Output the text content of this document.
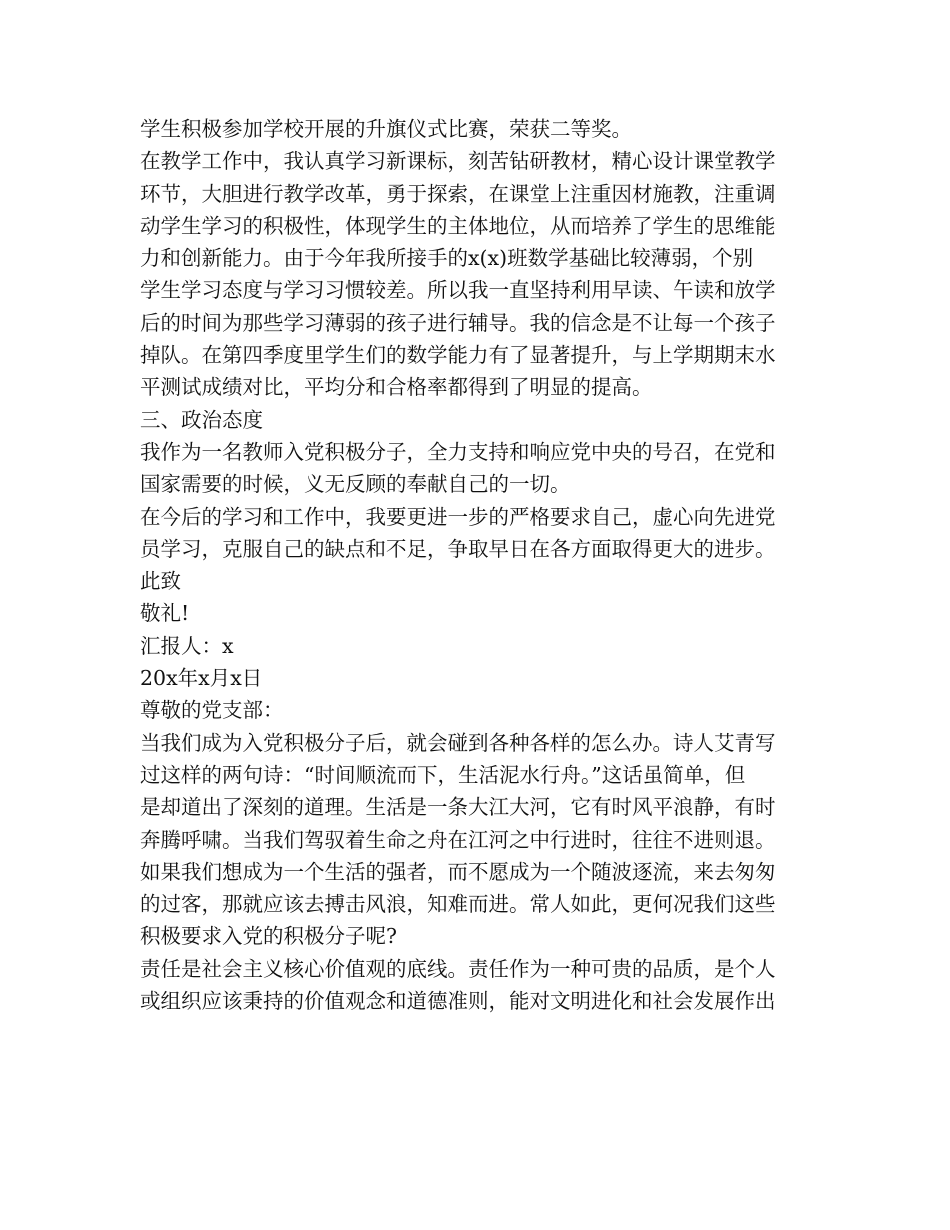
学生积极参加学校开展的升旗仪式比赛，荣获二等奖。
在教学工作中，我认真学习新课标，刻苦钻研教材，精心设计课堂教学
环节，大胆进行教学改革，勇于探索，在课堂上注重因材施教，注重调
动学生学习的积极性，体现学生的主体地位，从而培养了学生的思维能
力和创新能力。由于今年我所接手的x(x)班数学基础比较薄弱，个别
学生学习态度与学习习惯较差。所以我一直坚持利用早读、午读和放学
后的时间为那些学习薄弱的孩子进行辅导。我的信念是不让每一个孩子
掉队。在第四季度里学生们的数学能力有了显著提升，与上学期期末水
平测试成绩对比，平均分和合格率都得到了明显的提高。
三、政治态度
我作为一名教师入党积极分子，全力支持和响应党中央的号召，在党和
国家需要的时候，义无反顾的奉献自己的一切。
在今后的学习和工作中，我要更进一步的严格要求自己，虚心向先进党
员学习，克服自己的缺点和不足，争取早日在各方面取得更大的进步。
此致
敬礼!
汇报人：x
20x年x月x日
尊敬的党支部：
当我们成为入党积极分子后，就会碰到各种各样的怎么办。诗人艾青写
过这样的两句诗：“时间顺流而下，生活泥水行舟。”这话虽简单，但
是却道出了深刻的道理。生活是一条大江大河，它有时风平浪静，有时
奔腾呼啸。当我们驾驭着生命之舟在江河之中行进时，往往不进则退。
如果我们想成为一个生活的强者，而不愿成为一个随波逐流，来去匆匆
的过客，那就应该去搏击风浪，知难而进。常人如此，更何况我们这些
积极要求入党的积极分子呢?
责任是社会主义核心价值观的底线。责任作为一种可贵的品质，是个人
或组织应该秉持的价值观念和道德准则，能对文明进化和社会发展作出
